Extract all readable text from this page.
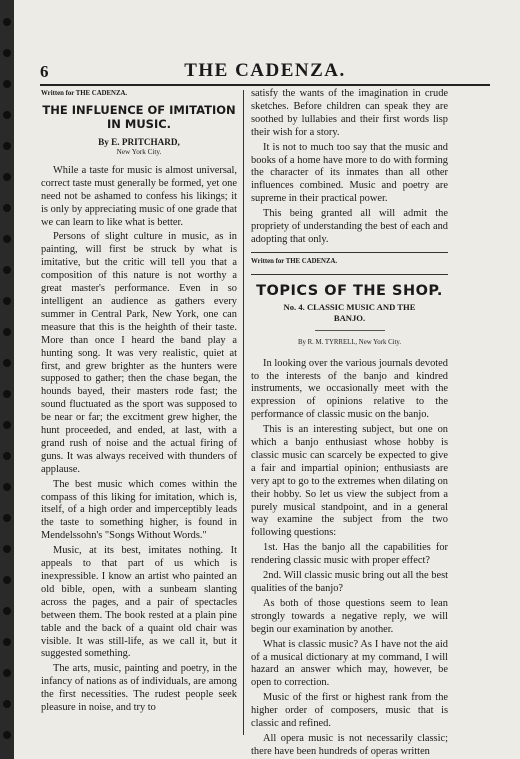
6	THE CADENZA.

Written for THE CADENZA.

THE INFLUENCE OF IMITATION
IN MUSIC.
By E. PRITCHARD,
New York City.

While a taste for music is almost universal, correct taste must generally be formed, yet one need not be ashamed to confess his likings; it is only by appreciating music of one grade that we can learn to like what is better.

Persons of slight culture in music, as in painting, will first be struck by what is imitative, but the critic will tell you that a composition of this nature is not worthy a great master's performance. Even in so intelligent an audience as gathers every summer in Central Park, New York, one can measure that this is the heighth of their taste. More than once I heard the band play a hunting song. It was very realistic, quiet at first, and grew brighter as the hunters were supposed to gather; then the chase began, the hounds bayed, their masters rode fast; the sound fluctuated as the sport was supposed to be near or far; the excitment grew higher, the hunt proceeded, and ended, at last, with a grand rush of noise and the actual firing of guns. It was always received with thunders of applause.

The best music which comes within the compass of this liking for imitation, which is, itself, of a high order and imperceptibly leads the taste to something higher, is found in Mendelssohn's "Songs Without Words."

Music, at its best, imitates nothing. It appeals to that part of us which is inexpressible. I know an artist who painted an old bible, open, with a sunbeam slanting across the pages, and a pair of spectacles between them. The book rested at a plain pine table and the back of a quaint old chair was visible. It was still-life, as we call it, but it suggested something.

The arts, music, painting and poetry, in the infancy of nations as of individuals, are among the first necessities. The rudest people seek pleasure in noise, and try to

satisfy the wants of the imagination in crude sketches. Before children can speak they are soothed by lullabies and their first words lisp their wish for a story.

It is not to much too say that the music and books of a home have more to do with forming the character of its inmates than all other influences combined. Music and poetry are supreme in their practical power.

This being granted all will admit the propriety of understanding the best of each and adopting that only.

Written for THE CADENZA.

TOPICS OF THE SHOP.
No. 4. CLASSIC MUSIC AND THE
BANJO.
By R. M. TYRRELL, New York City.

In looking over the various journals devoted to the interests of the banjo and kindred instruments, we occasionally meet with the expression of opinions relative to the performance of classic music on the banjo.

This is an interesting subject, but one on which a banjo enthusiast whose hobby is classic music can scarcely be expected to give a fair and impartial opinion; enthusiasts are very apt to go to the extremes when dilating on their hobby. So let us view the subject from a purely musical standpoint, and in a general way examine the subject from the two following questions:

1st. Has the banjo all the capabilities for rendering classic music with proper effect?

2nd. Will classic music bring out all the best qualities of the banjo?

As both of those questions seem to lean strongly towards a negative reply, we will begin our examination by another.

What is classic music? As I have not the aid of a musical dictionary at my command, I will hazard an answer which may, however, be open to correction.

Music of the first or highest rank from the higher order of composers, music that is classic and refined.

All opera music is not necessarily classic; there have been hundreds of operas written
